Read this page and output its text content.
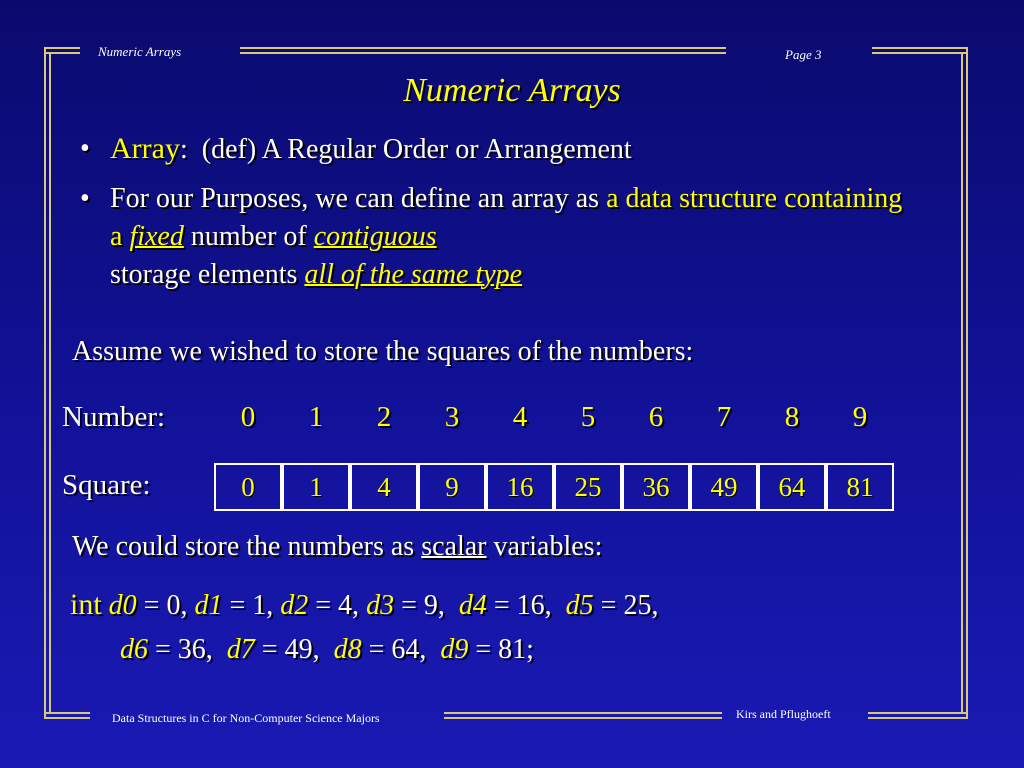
Numeric Arrays	Page 3
Data Structures in C for Non-Computer Science Majors	Kirs and Pflughoeft
Numeric Arrays
• Array: (def) A Regular Order or Arrangement
• For our Purposes, we can define an array as a data structure containing a fixed number of contiguous
storage elements all of the same type
Assume we wished to store the squares of the numbers:
Number:	0	1	2	3	4	5	6	7	8	9
Square:	0	1	4	9	16	25	36	49	64	81
We could store the numbers as scalar variables:
int d0 = 0, d1 = 1, d2 = 4, d3 = 9,  d4 = 16,  d5 = 25,
d6 = 36,  d7 = 49,  d8 = 64,  d9 = 81;
